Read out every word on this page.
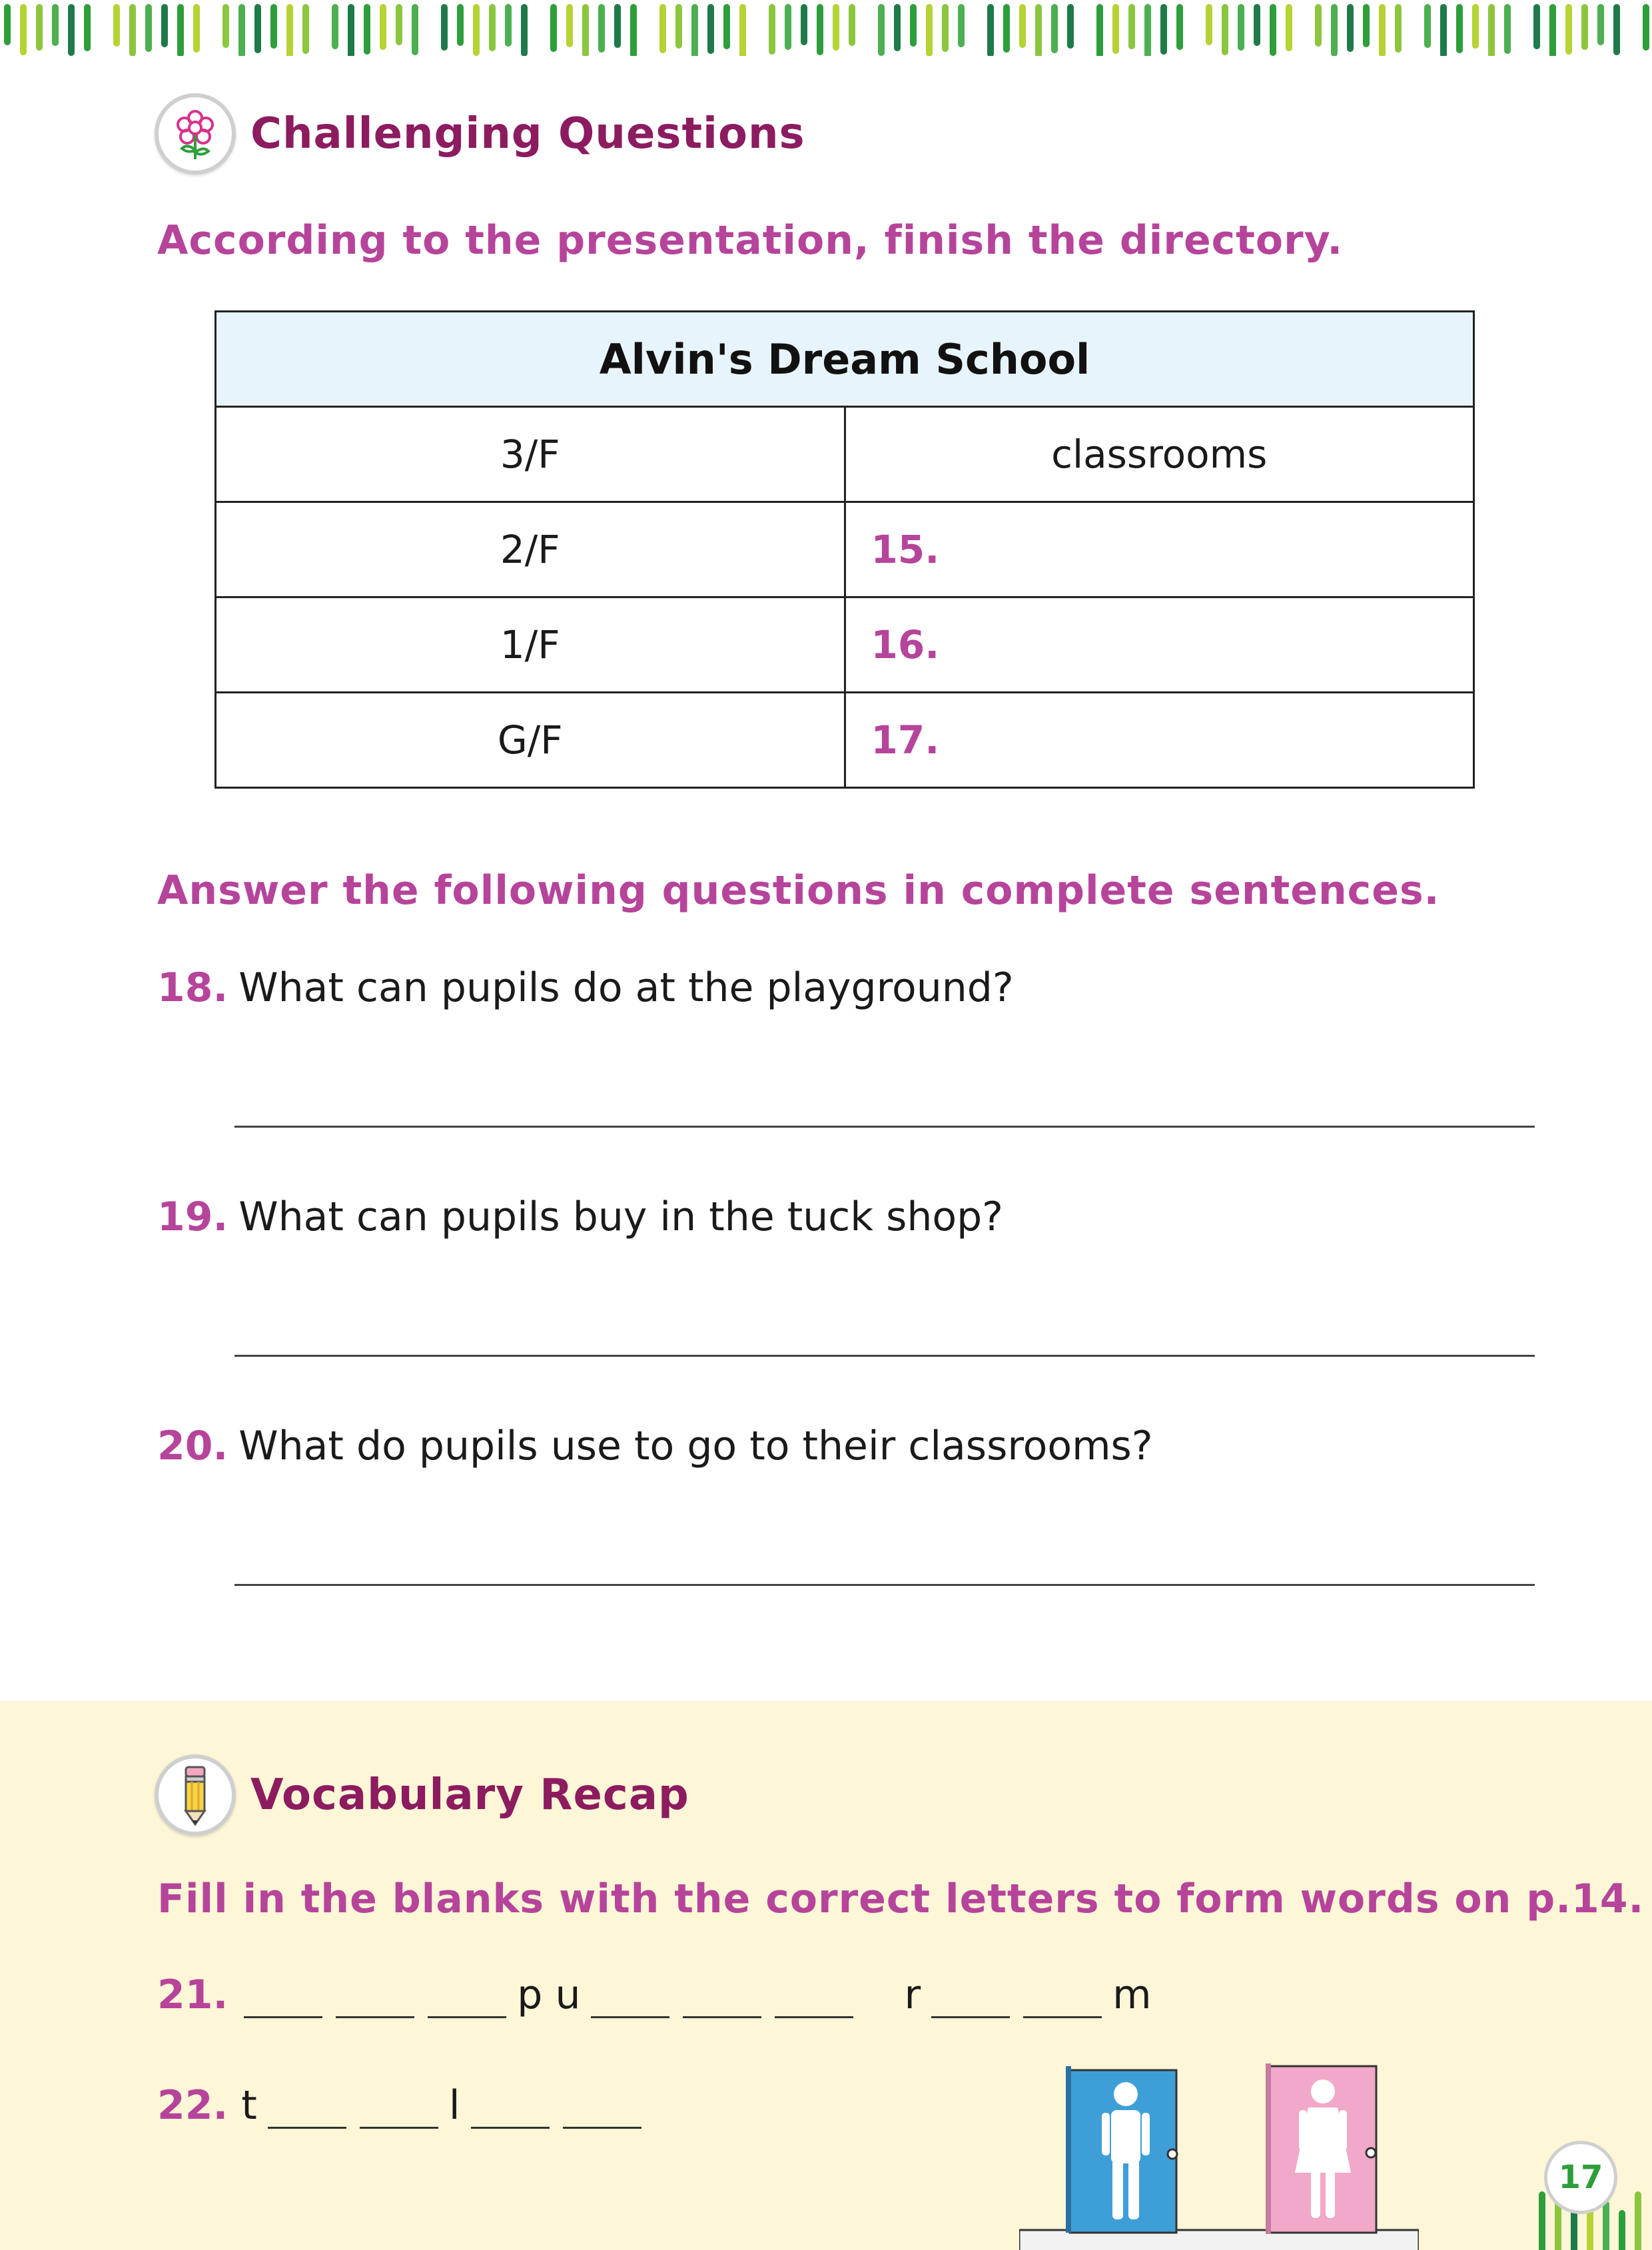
Challenging Questions
According to the presentation, finish the directory.
Alvin's Dream School	
3/F	classrooms
2/F	15.
1/F	16.
G/F	17.
Answer the following questions in complete sentences.
18. What can pupils do at the playground?
19. What can pupils buy in the tuck shop?
20. What do pupils use to go to their classrooms?
Vocabulary Recap
Fill in the blanks with the correct letters to form words on p.14.
21.	p u	r	m
22. t	l
17
